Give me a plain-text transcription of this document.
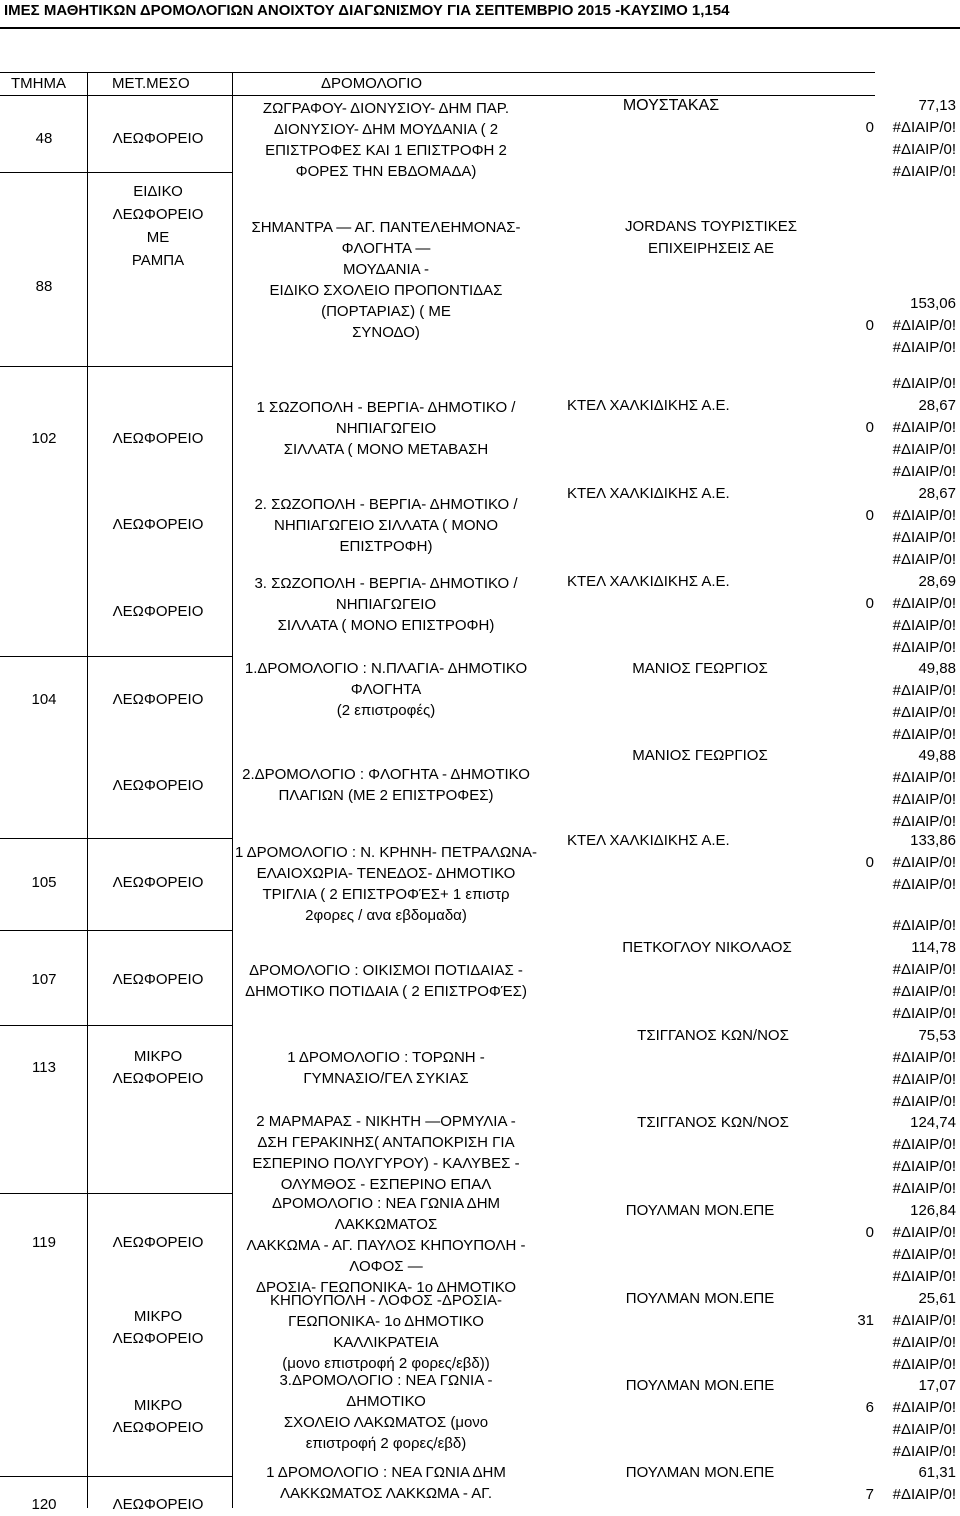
ΙΜΕΣ ΜΑΘΗΤΙΚΩΝ ΔΡΟΜΟΛΟΓΙΩΝ ΑΝΟΙΧΤΟΥ ΔΙΑΓΩΝΙΣΜΟΥ ΓΙΑ ΣΕΠΤΕΜΒΡΙΟ 2015 -ΚΑΥΣΙΜΟ 1,154
ΤΜΗΜΑ	ΜΕΤ.ΜΕΣΟ	ΔΡΟΜΟΛΟΓΙΟ
48
88
102
104
105
107
113
119
120
ΛΕΩΦΟΡΕΙΟ
ΕΙΔΙΚΟ
ΛΕΩΦΟΡΕΙΟ
ΜΕ
ΡΑΜΠΑ
ΛΕΩΦΟΡΕΙΟ
ΛΕΩΦΟΡΕΙΟ
ΛΕΩΦΟΡΕΙΟ
ΛΕΩΦΟΡΕΙΟ
ΛΕΩΦΟΡΕΙΟ
ΛΕΩΦΟΡΕΙΟ
ΛΕΩΦΟΡΕΙΟ
ΜΙΚΡΟ
ΛΕΩΦΟΡΕΙΟ
ΛΕΩΦΟΡΕΙΟ
ΜΙΚΡΟ
ΛΕΩΦΟΡΕΙΟ
ΜΙΚΡΟ
ΛΕΩΦΟΡΕΙΟ
ΛΕΩΦΟΡΕΙΟ
ΖΩΓΡΑΦΟΥ- ΔΙΟΝΥΣΙΟΥ- ΔΗΜ ΠΑΡ.
ΔΙΟΝΥΣΙΟΥ- ΔΗΜ ΜΟΥΔΑΝΙΑ ( 2
ΕΠΙΣΤΡΟΦΕΣ ΚΑΙ 1 ΕΠΙΣΤΡΟΦΗ 2
ΦΟΡΕΣ ΤΗΝ ΕΒΔΟΜΑΔΑ)
ΣΗΜΑΝΤΡΑ — ΑΓ. ΠΑΝΤΕΛΕΗΜΟΝΑΣ-
ΦΛΟΓΗΤΑ —
ΜΟΥΔΑΝΙΑ -
ΕΙΔΙΚΟ ΣΧΟΛΕΙΟ ΠΡΟΠΟΝΤΙΔΑΣ
(ΠΟΡΤΑΡΙΑΣ) ( ΜΕ
ΣΥΝΟΔΟ)
1 ΣΩΖΟΠΟΛΗ - ΒΕΡΓΙΑ- ΔΗΜΟΤΙΚΟ /
ΝΗΠΙΑΓΩΓΕΙΟ
ΣΙΛΛΑΤΑ ( ΜΟΝΟ ΜΕΤΑΒΑΣΗ
2. ΣΩΖΟΠΟΛΗ - ΒΕΡΓΙΑ- ΔΗΜΟΤΙΚΟ /
ΝΗΠΙΑΓΩΓΕΙΟ ΣΙΛΛΑΤΑ ( ΜΟΝΟ
ΕΠΙΣΤΡΟΦΗ)
3. ΣΩΖΟΠΟΛΗ - ΒΕΡΓΙΑ- ΔΗΜΟΤΙΚΟ /
ΝΗΠΙΑΓΩΓΕΙΟ
ΣΙΛΛΑΤΑ ( ΜΟΝΟ ΕΠΙΣΤΡΟΦΗ)
1.ΔΡΟΜΟΛΟΓΙΟ : Ν.ΠΛΑΓΙΑ- ΔΗΜΟΤΙΚΟ
ΦΛΟΓΗΤΑ
(2 επιστροφές)
2.ΔΡΟΜΟΛΟΓΙΟ : ΦΛΟΓΗΤΑ - ΔΗΜΟΤΙΚΟ
ΠΛΑΓΙΩΝ (ΜΕ 2 ΕΠΙΣΤΡΟΦΕΣ)
1 ΔΡΟΜΟΛΟΓΙΟ : Ν. ΚΡΗΝΗ- ΠΕΤΡΑΛΩΝΑ-
ΕΛΑΙΟΧΩΡΙΑ- ΤΕΝΕΔΟΣ- ΔΗΜΟΤΙΚΟ
ΤΡΙΓΛΙΑ ( 2 ΕΠΙΣΤΡΟΦΈΣ+ 1 επιστρ
2φορες / ανα εβδομαδα)
ΔΡΟΜΟΛΟΓΙΟ : ΟΙΚΙΣΜΟΙ ΠΟΤΙΔΑΙΑΣ -
ΔΗΜΟΤΙΚΟ ΠΟΤΙΔΑΙΑ ( 2 ΕΠΙΣΤΡΟΦΈΣ)
1 ΔΡΟΜΟΛΟΓΙΟ : ΤΟΡΩΝΗ -
ΓΥΜΝΑΣΙΟ/ΓΕΛ ΣΥΚΙΑΣ
2 ΜΑΡΜΑΡΑΣ - ΝΙΚΗΤΗ —ΟΡΜΥΛΙΑ -
ΔΣΗ ΓΕΡΑΚΙΝΗΣ( ΑΝΤΑΠΟΚΡΙΣΗ ΓΙΑ
ΕΣΠΕΡΙΝΟ ΠΟΛΥΓΥΡΟΥ) - ΚΑΛΥΒΕΣ -
ΟΛΥΜΘΟΣ - ΕΣΠΕΡΙΝΟ ΕΠΑΛ
ΔΡΟΜΟΛΟΓΙΟ : ΝΕΑ ΓΩΝΙΑ ΔΗΜ
ΛΑΚΚΩΜΑΤΟΣ
ΛΑΚΚΩΜΑ - ΑΓ. ΠΑΥΛΟΣ ΚΗΠΟΥΠΟΛΗ -
ΛΟΦΟΣ —
ΔΡΟΣΙΑ- ΓΕΩΠΟΝΙΚΑ- 1ο ΔΗΜΟΤΙΚΟ
ΚΗΠΟΥΠΟΛΗ - ΛΟΦΟΣ -ΔΡΟΣΙΑ-
ΓΕΩΠΟΝΙΚΑ- 1ο ΔΗΜΟΤΙΚΟ
ΚΑΛΛΙΚΡΑΤΕΙΑ
(μονο επιστροφή 2 φορες/εβδ))
3.ΔΡΟΜΟΛΟΓΙΟ : ΝΕΑ ΓΩΝΙΑ -
ΔΗΜΟΤΙΚΟ
ΣΧΟΛΕΙΟ ΛΑΚΩΜΑΤΟΣ (μονο
επιστροφή 2 φορες/εβδ)
1 ΔΡΟΜΟΛΟΓΙΟ : ΝΕΑ ΓΩΝΙΑ ΔΗΜ
ΛΑΚΚΩΜΑΤΟΣ ΛΑΚΚΩΜΑ - ΑΓ.
ΜΟΥΣΤΑΚΑΣ
JORDANS ΤΟΥΡΙΣΤΙΚΕΣ
ΕΠΙΧΕΙΡΗΣΕΙΣ ΑΕ
ΚΤΕΛ ΧΑΛΚΙΔΙΚΗΣ Α.Ε.
ΚΤΕΛ ΧΑΛΚΙΔΙΚΗΣ Α.Ε.
ΚΤΕΛ ΧΑΛΚΙΔΙΚΗΣ Α.Ε.
ΜΑΝΙΟΣ ΓΕΩΡΓΙΟΣ
ΜΑΝΙΟΣ ΓΕΩΡΓΙΟΣ
ΚΤΕΛ ΧΑΛΚΙΔΙΚΗΣ Α.Ε.
ΠΕΤΚΟΓΛΟΥ ΝΙΚΟΛΑΟΣ
ΤΣΙΓΓΑΝΟΣ ΚΩΝ/ΝΟΣ
ΤΣΙΓΓΑΝΟΣ ΚΩΝ/ΝΟΣ
ΠΟΥΛΜΑΝ ΜΟΝ.ΕΠΕ
ΠΟΥΛΜΑΝ ΜΟΝ.ΕΠΕ
ΠΟΥΛΜΑΝ ΜΟΝ.ΕΠΕ
ΠΟΥΛΜΑΝ ΜΟΝ.ΕΠΕ
77,13
153,06
28,67
28,67
28,69
49,88
49,88
133,86
114,78
75,53
124,74
126,84
25,61
17,07
61,31
0
0
0
0
0
0
0
31
6
7
#ΔΙΑΙΡ/0!
#ΔΙΑΙΡ/0!
#ΔΙΑΙΡ/0!
#ΔΙΑΙΡ/0!
#ΔΙΑΙΡ/0!
#ΔΙΑΙΡ/0!
#ΔΙΑΙΡ/0!
#ΔΙΑΙΡ/0!
#ΔΙΑΙΡ/0!
#ΔΙΑΙΡ/0!
#ΔΙΑΙΡ/0!
#ΔΙΑΙΡ/0!
#ΔΙΑΙΡ/0!
#ΔΙΑΙΡ/0!
#ΔΙΑΙΡ/0!
#ΔΙΑΙΡ/0!
#ΔΙΑΙΡ/0!
#ΔΙΑΙΡ/0!
#ΔΙΑΙΡ/0!
#ΔΙΑΙΡ/0!
#ΔΙΑΙΡ/0!
#ΔΙΑΙΡ/0!
#ΔΙΑΙΡ/0!
#ΔΙΑΙΡ/0!
#ΔΙΑΙΡ/0!
#ΔΙΑΙΡ/0!
#ΔΙΑΙΡ/0!
#ΔΙΑΙΡ/0!
#ΔΙΑΙΡ/0!
#ΔΙΑΙΡ/0!
#ΔΙΑΙΡ/0!
#ΔΙΑΙΡ/0!
#ΔΙΑΙΡ/0!
#ΔΙΑΙΡ/0!
#ΔΙΑΙΡ/0!
#ΔΙΑΙΡ/0!
#ΔΙΑΙΡ/0!
#ΔΙΑΙΡ/0!
#ΔΙΑΙΡ/0!
#ΔΙΑΙΡ/0!
#ΔΙΑΙΡ/0!
#ΔΙΑΙΡ/0!
#ΔΙΑΙΡ/0!
